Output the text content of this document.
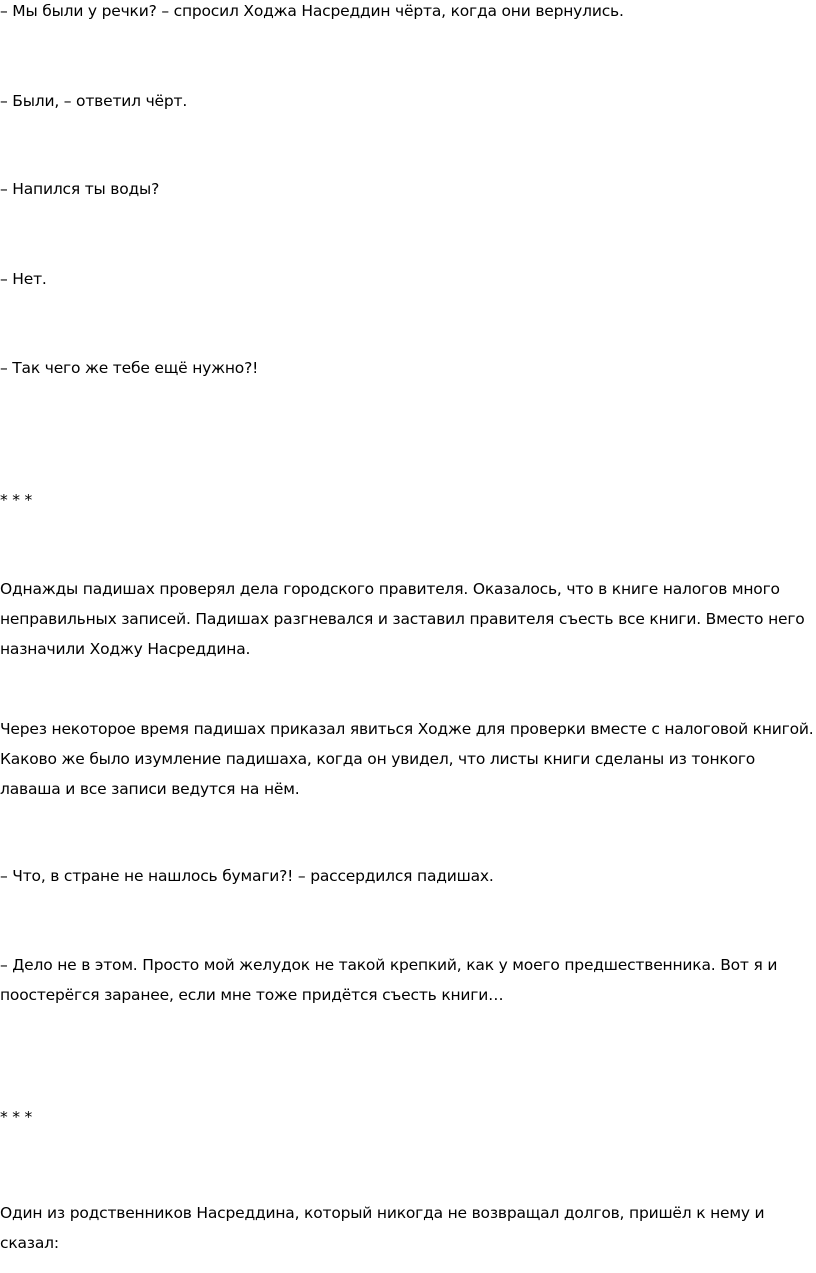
– Мы были у речки? – спросил Ходжа Насреддин чёрта, когда они вернулись.

– Были, – ответил чёрт.

– Напился ты воды?

– Нет.

– Так чего же тебе ещё нужно?!

* * *

Однажды падишах проверял дела городского правителя. Оказалось, что в книге налогов много неправильных записей. Падишах разгневался и заставил правителя съесть все книги. Вместо него назначили Ходжу Насреддина.

Через некоторое время падишах приказал явиться Ходже для проверки вместе с налоговой книгой. Каково же было изумление падишаха, когда он увидел, что листы книги сделаны из тонкого лаваша и все записи ведутся на нём.

– Что, в стране не нашлось бумаги?! – рассердился падишах.

– Дело не в этом. Просто мой желудок не такой крепкий, как у моего предшественника. Вот я и поостерёгся заранее, если мне тоже придётся съесть книги…

* * *

Один из родственников Насреддина, который никогда не возвращал долгов, пришёл к нему и сказал:
